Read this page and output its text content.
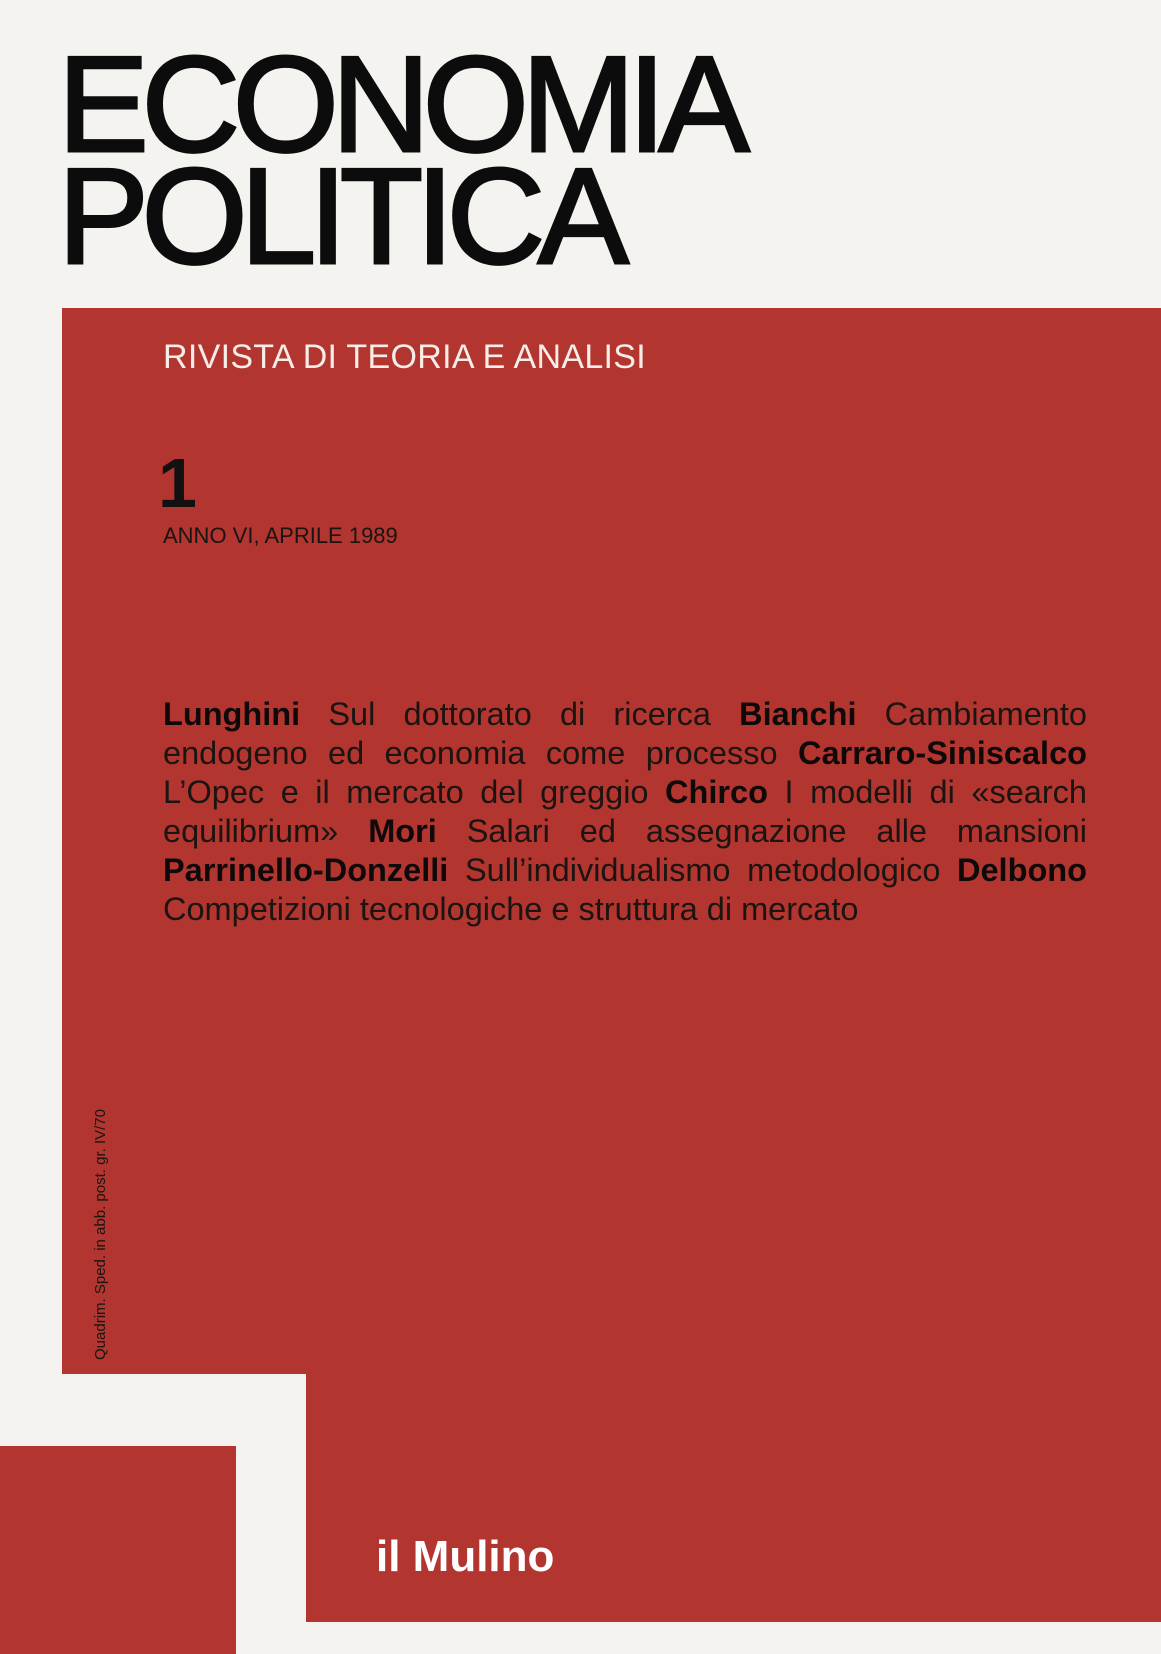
ECONOMIA
POLITICA
RIVISTA DI TEORIA E ANALISI
1
ANNO VI, APRILE 1989
Lunghini Sul dottorato di ricerca Bianchi Cambiamento endogeno ed economia come processo Carraro-Siniscalco L’Opec e il mercato del greggio Chirco I modelli di «search equilibrium» Mori Salari ed assegnazione alle mansioni Parrinello-Donzelli Sull’individualismo metodologico Delbono Competizioni tecnologiche e struttura di mercato
Quadrim. Sped. in abb. post. gr. IV/70
il Mulino
